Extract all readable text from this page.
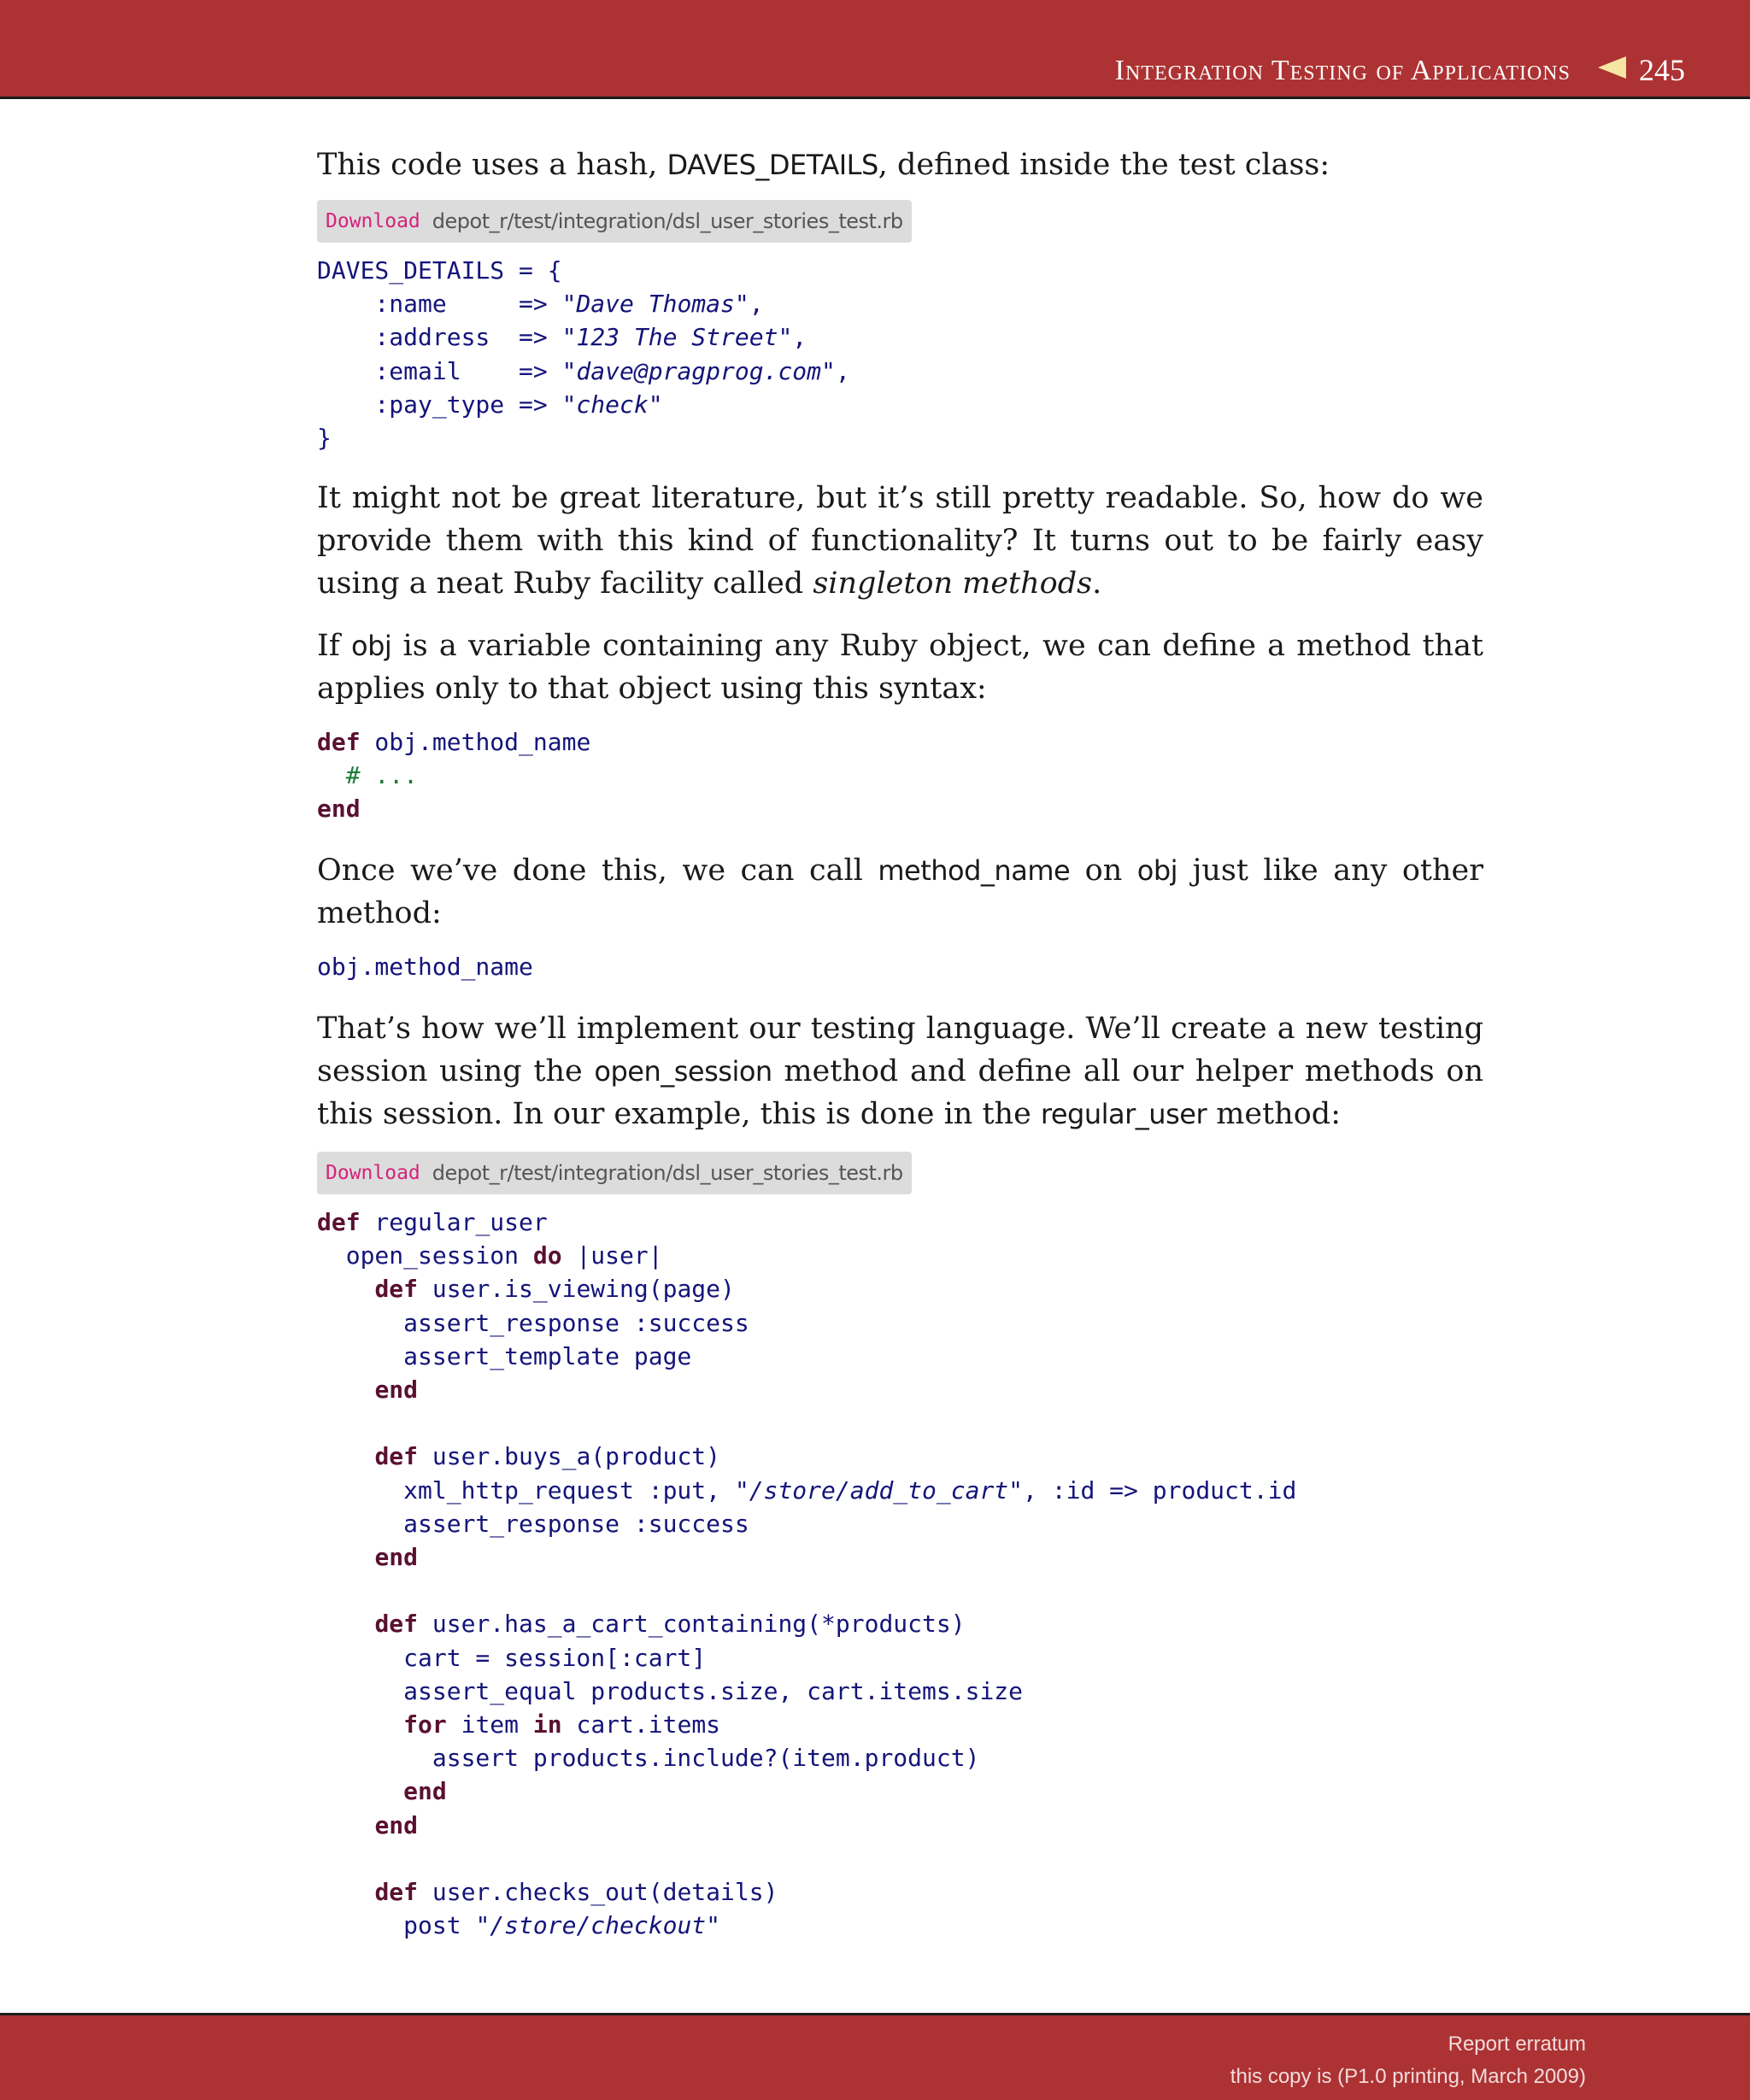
Integration Testing of Applications 245

This code uses a hash, DAVES_DETAILS, defined inside the test class:

Download depot_r/test/integration/dsl_user_stories_test.rb
DAVES_DETAILS = {
:name     => "Dave Thomas",
:address  => "123 The Street",
:email    => "dave@pragprog.com",
:pay_type => "check"
}

It might not be great literature, but it’s still pretty readable. So, how do we provide them with this kind of functionality? It turns out to be fairly easy using a neat Ruby facility called singleton methods.

If obj is a variable containing any Ruby object, we can define a method that applies only to that object using this syntax:

def obj.method_name
# ...
end

Once we’ve done this, we can call method_name on obj just like any other method:

obj.method_name

That’s how we’ll implement our testing language. We’ll create a new testing session using the open_session method and define all our helper methods on this session. In our example, this is done in the regular_user method:

Download depot_r/test/integration/dsl_user_stories_test.rb
def regular_user
open_session do |user|
def user.is_viewing(page)
assert_response :success
assert_template page
end

def user.buys_a(product)
xml_http_request :put, "/store/add_to_cart", :id => product.id
assert_response :success
end

def user.has_a_cart_containing(*products)
cart = session[:cart]
assert_equal products.size, cart.items.size
for item in cart.items
assert products.include?(item.product)
end
end

def user.checks_out(details)
post "/store/checkout"
Report erratum
this copy is (P1.0 printing, March 2009)
